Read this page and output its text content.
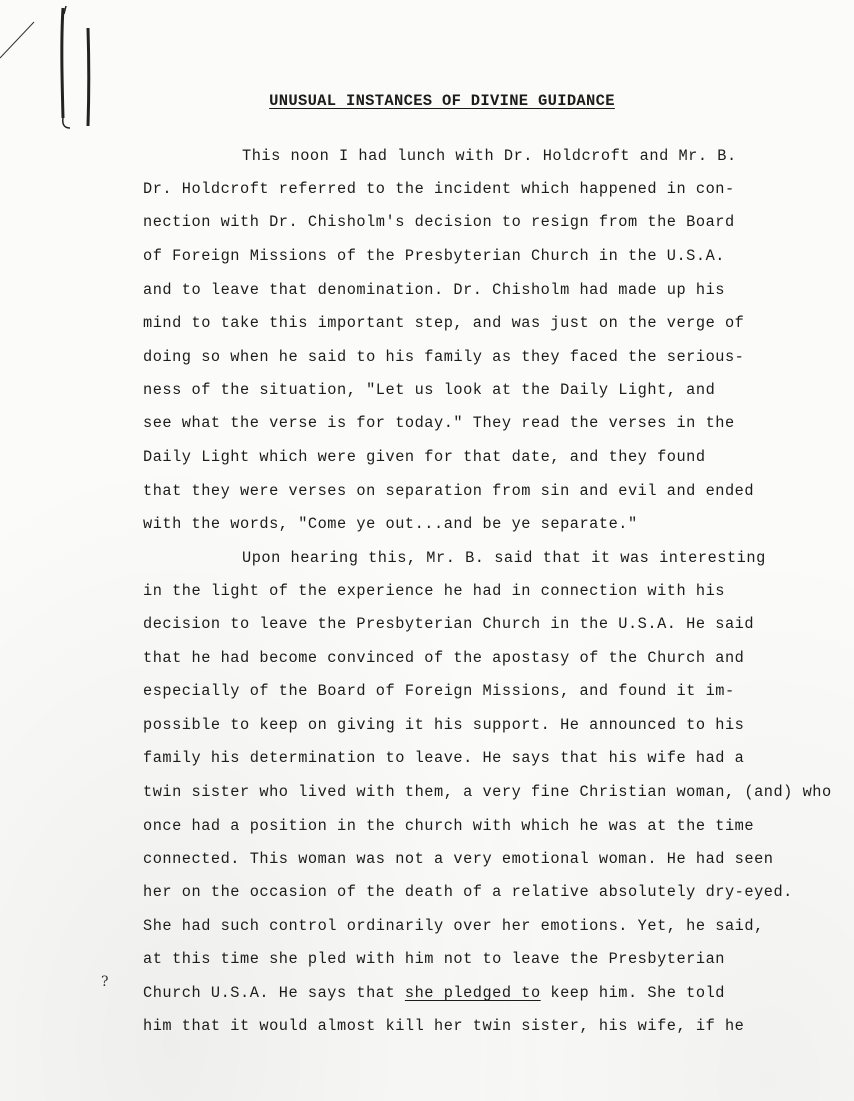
UNUSUAL INSTANCES OF DIVINE GUIDANCE
This noon I had lunch with Dr. Holdcroft and Mr. B.
Dr. Holdcroft referred to the incident which happened in con-
nection with Dr. Chisholm's decision to resign from the Board
of Foreign Missions of the Presbyterian Church in the U.S.A.
and to leave that denomination. Dr. Chisholm had made up his
mind to take this important step, and was just on the verge of
doing so when he said to his family as they faced the serious-
ness of the situation, "Let us look at the Daily Light, and
see what the verse is for today." They read the verses in the
Daily Light which were given for that date, and they found
that they were verses on separation from sin and evil and ended
with the words, "Come ye out...and be ye separate."
Upon hearing this, Mr. B. said that it was interesting
in the light of the experience he had in connection with his
decision to leave the Presbyterian Church in the U.S.A. He said
that he had become convinced of the apostasy of the Church and
especially of the Board of Foreign Missions, and found it im-
possible to keep on giving it his support. He announced to his
family his determination to leave. He says that his wife had a
twin sister who lived with them, a very fine Christian woman, (and) who
once had a position in the church with which he was at the time
connected. This woman was not a very emotional woman. He had seen
her on the occasion of the death of a relative absolutely dry-eyed.
She had such control ordinarily over her emotions. Yet, he said,
at this time she pled with him not to leave the Presbyterian
Church U.S.A. He says that she pledged to keep him. She told
him that it would almost kill her twin sister, his wife, if he
?
